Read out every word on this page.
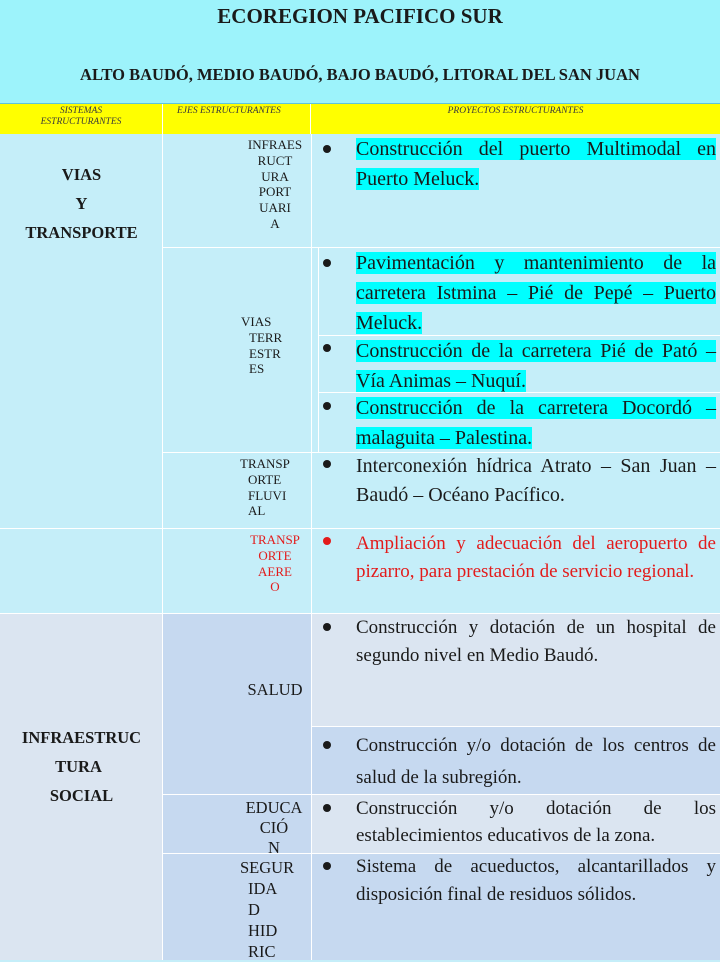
ECOREGION PACIFICO SUR
ALTO BAUDÓ, MEDIO BAUDÓ, BAJO BAUDÓ, LITORAL DEL SAN JUAN
SISTEMAS ESTRUCTURANTES
EJES ESTRUCTURANTES	PROYECTOS ESTRUCTURANTES
VIAS
Y
TRANSPORTE
INFRAESTRUC
TURA
SOCIAL
INFRAES
RUCT
URA
PORT
UARI
A
VIAS
TERR
ESTR
ES
TRANSP
ORTE
FLUVI
AL
TRANSP
ORTE
AERE
O
SALUD
EDUCA
CIÓ
N
SEGUR
IDA
D
HID
RIC
Construcción del puerto Multimodal en Puerto Meluck.
Pavimentación y mantenimiento de la carretera Istmina – Pié de Pepé – Puerto Meluck.
Construcción de la carretera Pié de Pató – Vía Animas – Nuquí.
Construcción de la carretera Docordó – malaguita – Palestina.
Interconexión hídrica Atrato – San Juan – Baudó – Océano Pacífico.
Ampliación y adecuación del aeropuerto de pizarro, para prestación de servicio regional.
Construcción y dotación de un hospital de segundo nivel en Medio Baudó.
Construcción y/o dotación de los centros de salud de la subregión.
Construcción y/o dotación de los establecimientos educativos de la zona.
Sistema de acueductos, alcantarillados y disposición final de residuos sólidos.
